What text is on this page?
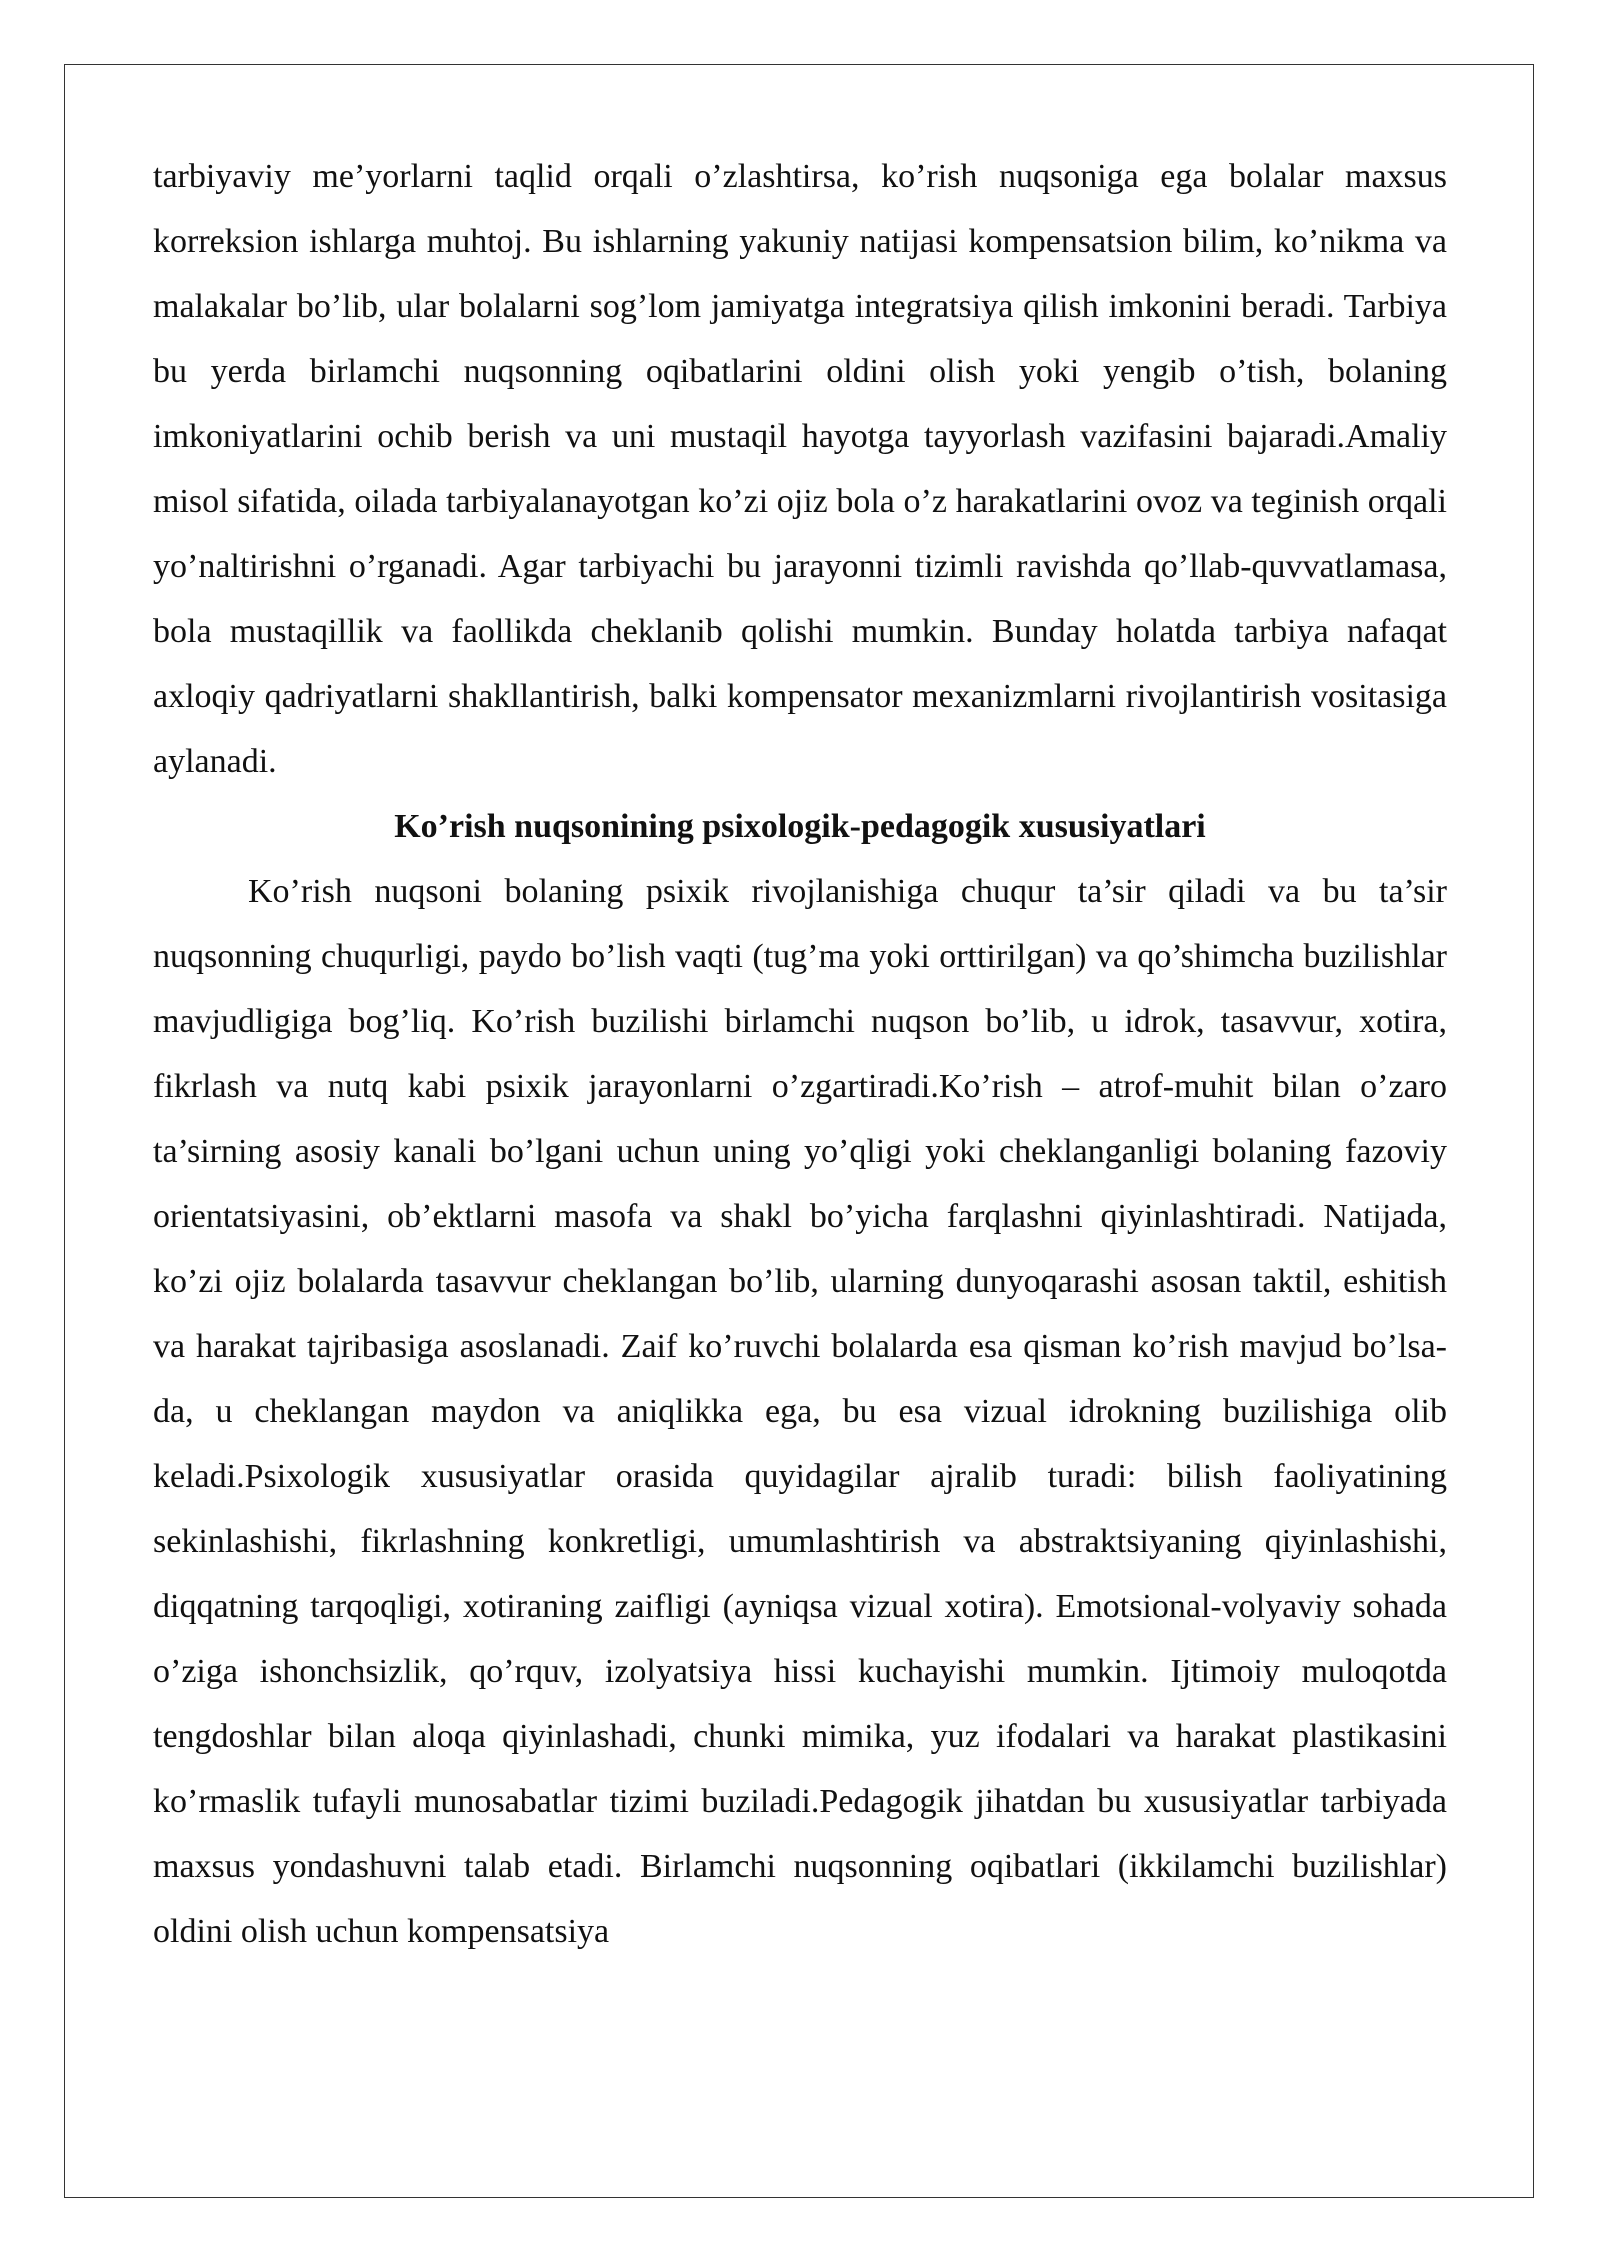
tarbiyaviy me’yorlarni taqlid orqali o’zlashtirsa, ko’rish nuqsoniga ega bolalar maxsus korreksion ishlarga muhtoj. Bu ishlarning yakuniy natijasi kompensatsion bilim, ko’nikma va malakalar bo’lib, ular bolalarni sog’lom jamiyatga integratsiya qilish imkonini beradi. Tarbiya bu yerda birlamchi nuqsonning oqibatlarini oldini olish yoki yengib o’tish, bolaning imkoniyatlarini ochib berish va uni mustaqil hayotga tayyorlash vazifasini bajaradi.Amaliy misol sifatida, oilada tarbiyalanayotgan ko’zi ojiz bola o’z harakatlarini ovoz va teginish orqali yo’naltirishni o’rganadi. Agar tarbiyachi bu jarayonni tizimli ravishda qo’llab-quvvatlamasa, bola mustaqillik va faollikda cheklanib qolishi mumkin. Bunday holatda tarbiya nafaqat axloqiy qadriyatlarni shakllantirish, balki kompensator mexanizmlarni rivojlantirish vositasiga aylanadi.

Ko’rish nuqsonining psixologik-pedagogik xususiyatlari

Ko’rish nuqsoni bolaning psixik rivojlanishiga chuqur ta’sir qiladi va bu ta’sir nuqsonning chuqurligi, paydo bo’lish vaqti (tug’ma yoki orttirilgan) va qo’shimcha buzilishlar mavjudligiga bog’liq. Ko’rish buzilishi birlamchi nuqson bo’lib, u idrok, tasavvur, xotira, fikrlash va nutq kabi psixik jarayonlarni o’zgartiradi.Ko’rish – atrof-muhit bilan o’zaro ta’sirning asosiy kanali bo’lgani uchun uning yo’qligi yoki cheklanganligi bolaning fazoviy orientatsiyasini, ob’ektlarni masofa va shakl bo’yicha farqlashni qiyinlashtiradi. Natijada, ko’zi ojiz bolalarda tasavvur cheklangan bo’lib, ularning dunyoqarashi asosan taktil, eshitish va harakat tajribasiga asoslanadi. Zaif ko’ruvchi bolalarda esa qisman ko’rish mavjud bo’lsa-da, u cheklangan maydon va aniqlikka ega, bu esa vizual idrokning buzilishiga olib keladi.Psixologik xususiyatlar orasida quyidagilar ajralib turadi: bilish faoliyatining sekinlashishi, fikrlashning konkretligi, umumlashtirish va abstraktsiyaning qiyinlashishi, diqqatning tarqoqligi, xotiraning zaifligi (ayniqsa vizual xotira). Emotsional-volyaviy sohada o’ziga ishonchsizlik, qo’rquv, izolyatsiya hissi kuchayishi mumkin. Ijtimoiy muloqotda tengdoshlar bilan aloqa qiyinlashadi, chunki mimika, yuz ifodalari va harakat plastikasini ko’rmaslik tufayli munosabatlar tizimi buziladi.Pedagogik jihatdan bu xususiyatlar tarbiyada maxsus yondashuvni talab etadi. Birlamchi nuqsonning oqibatlari (ikkilamchi buzilishlar) oldini olish uchun kompensatsiya
